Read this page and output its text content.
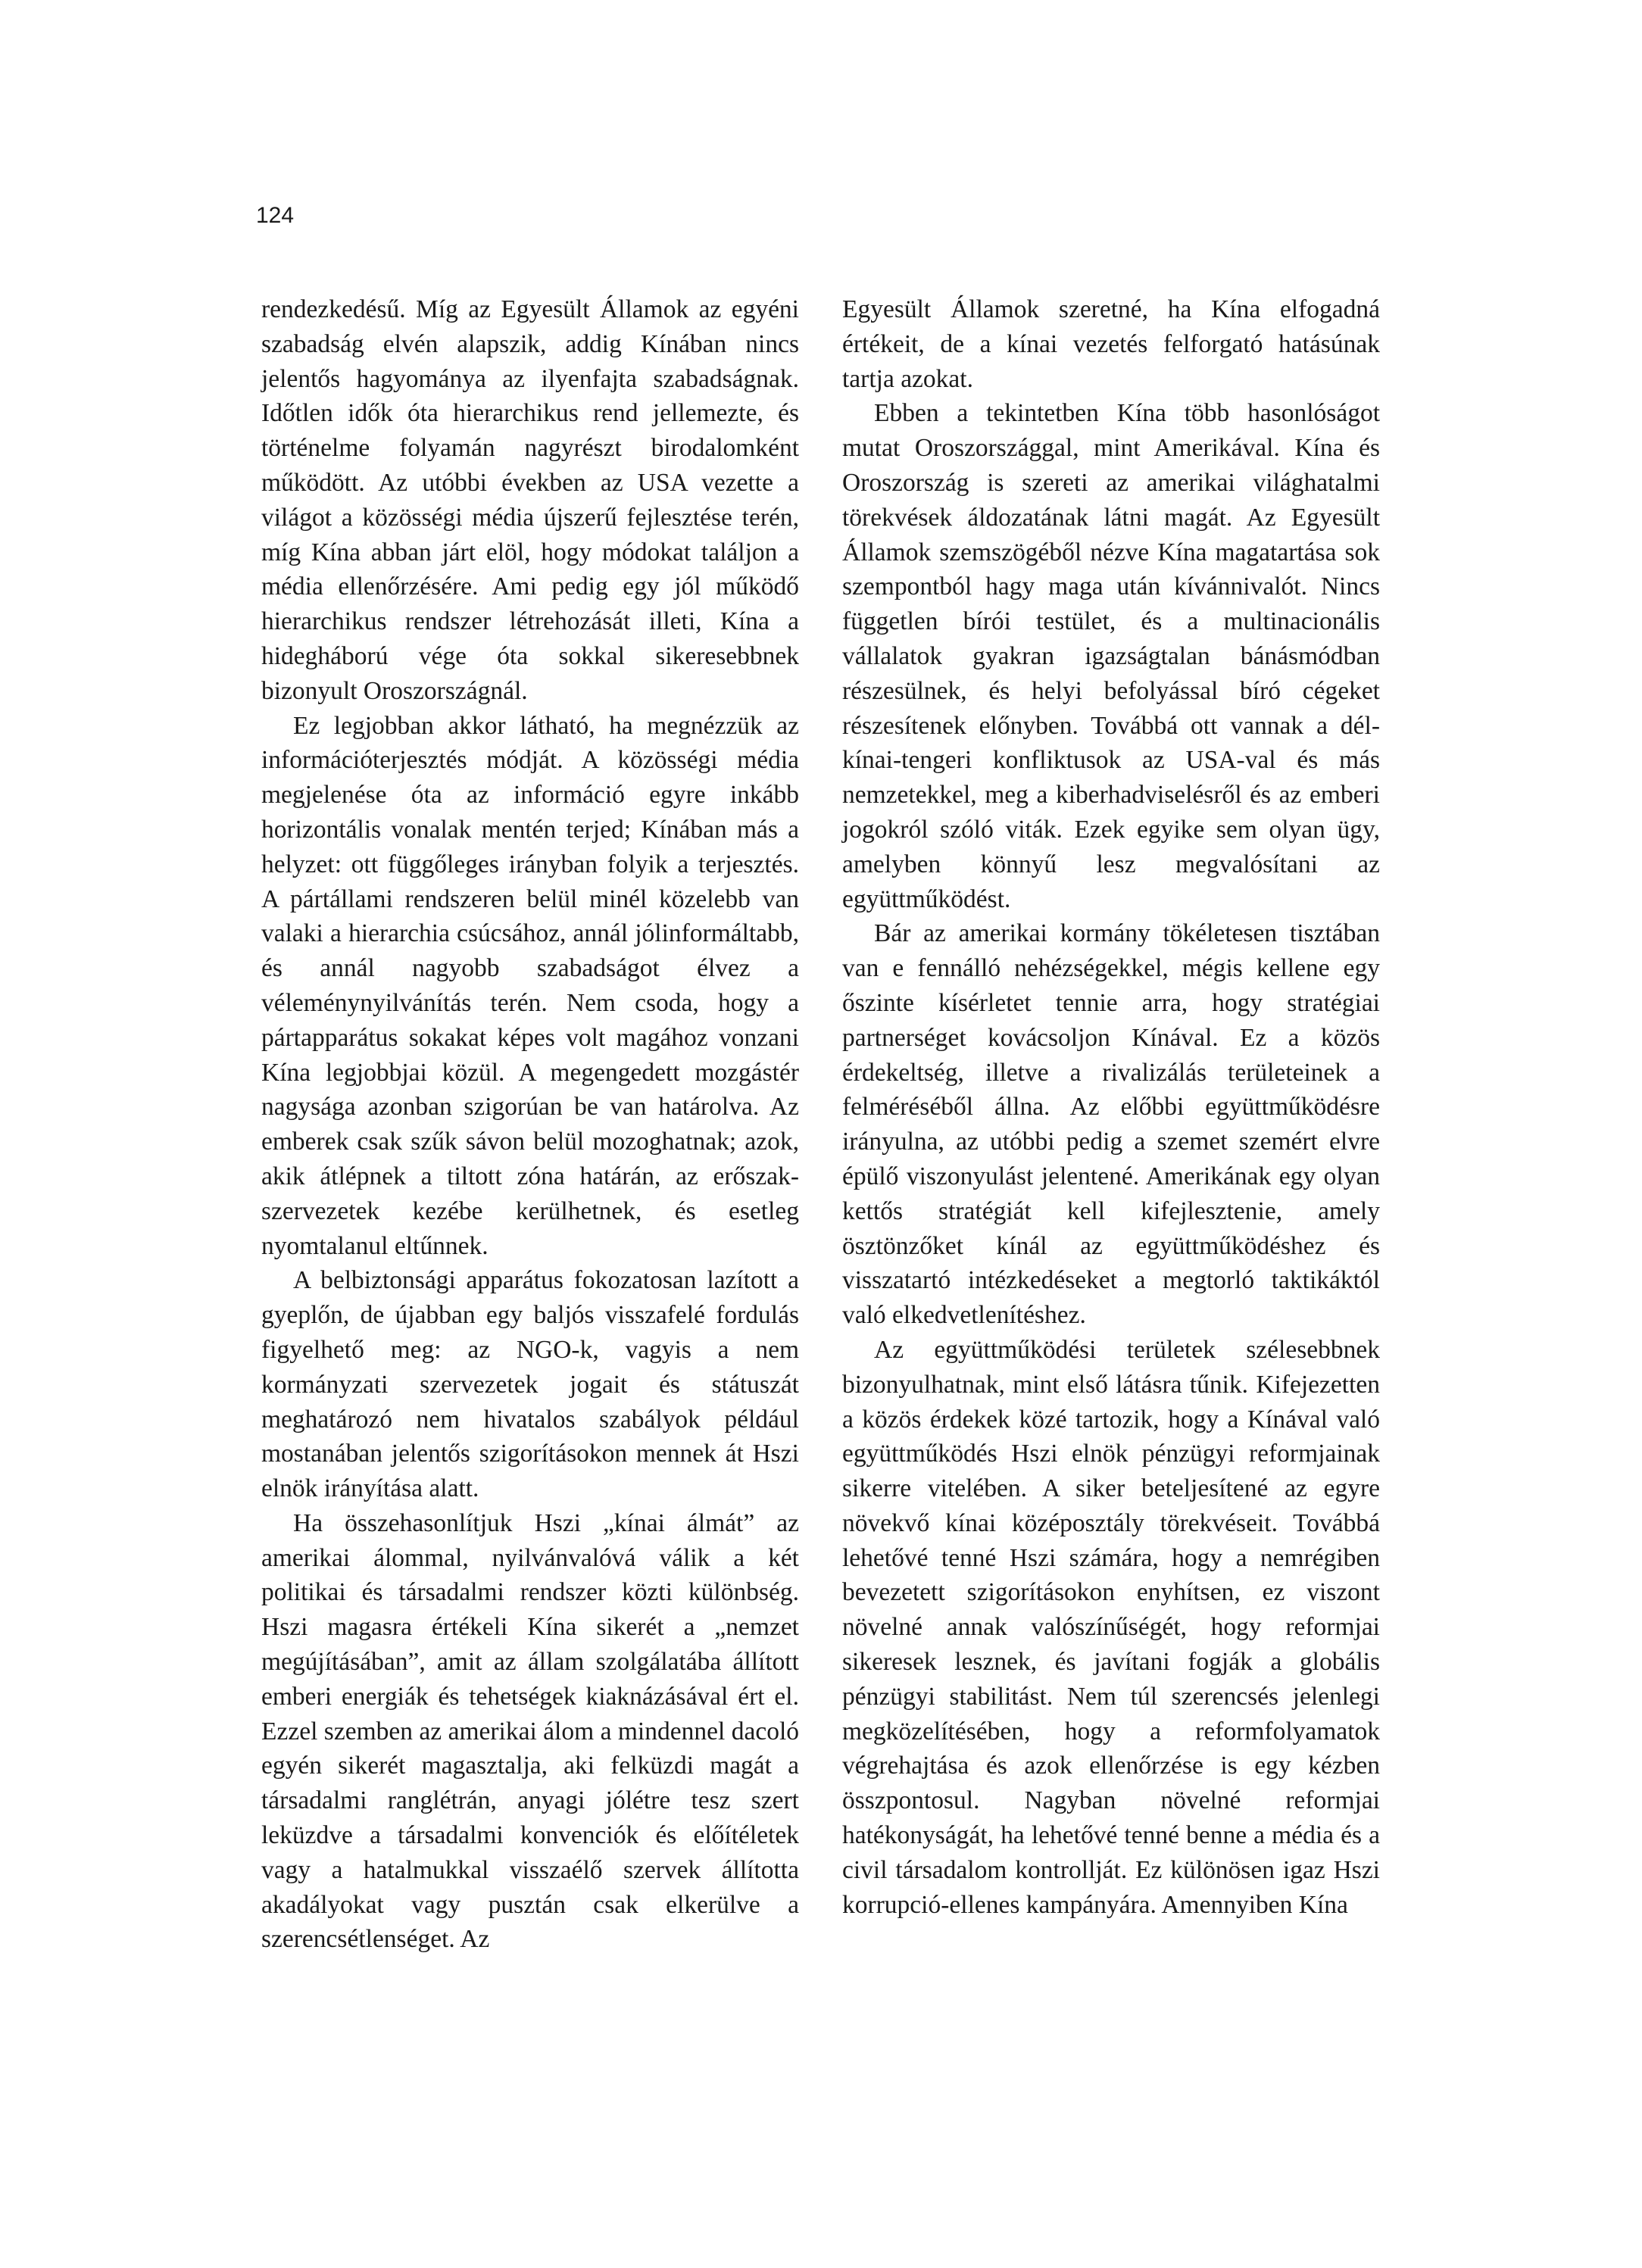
124

rendezkedésű. Míg az Egyesült Államok az egyéni szabadság elvén alapszik, addig Kínában nincs jelentős hagyománya az ilyenfajta szabadságnak. Időtlen idők óta hierarchikus rend jellemezte, és történelme folyamán nagyrészt birodalomként működött. Az utóbbi években az USA vezette a világot a közösségi média újszerű fejlesztése terén, míg Kína abban járt elöl, hogy módokat találjon a média ellenőrzésére. Ami pedig egy jól működő hierarchikus rendszer létrehozását illeti, Kína a hidegháború vége óta sokkal sikeresebbnek bizonyult Oroszországnál.

Ez legjobban akkor látható, ha megnézzük az információterjesztés módját. A közösségi média megjelenése óta az információ egyre inkább horizontális vonalak mentén terjed; Kínában más a helyzet: ott függőleges irányban folyik a terjesztés. A pártállami rendszeren belül minél közelebb van valaki a hierarchia csúcsához, annál jólinformáltabb, és annál nagyobb szabadságot élvez a véleménynyilvánítás terén. Nem csoda, hogy a pártapparátus sokakat képes volt magához vonzani Kína legjobbjai közül. A megengedett mozgástér nagysága azonban szigorúan be van határolva. Az emberek csak szűk sávon belül mozoghatnak; azok, akik átlépnek a tiltott zóna határán, az erőszak-szervezetek kezébe kerülhetnek, és esetleg nyomtalanul eltűnnek.

A belbiztonsági apparátus fokozatosan lazított a gyeplőn, de újabban egy baljós visszafelé fordulás figyelhető meg: az NGO-k, vagyis a nem kormányzati szervezetek jogait és státuszát meghatározó nem hivatalos szabályok például mostanában jelentős szigorításokon mennek át Hszi elnök irányítása alatt.

Ha összehasonlítjuk Hszi „kínai álmát” az amerikai álommal, nyilvánvalóvá válik a két politikai és társadalmi rendszer közti különbség. Hszi magasra értékeli Kína sikerét a „nemzet megújításában”, amit az állam szolgálatába állított emberi energiák és tehetségek kiaknázásával ért el. Ezzel szemben az amerikai álom a mindennel dacoló egyén sikerét magasztalja, aki felküzdi magát a társadalmi ranglétrán, anyagi jólétre tesz szert leküzdve a társadalmi konvenciók és előítéletek vagy a hatalmukkal visszaélő szervek állította akadályokat vagy pusztán csak elkerülve a szerencsétlenséget. Az

Egyesült Államok szeretné, ha Kína elfogadná értékeit, de a kínai vezetés felforgató hatásúnak tartja azokat.

Ebben a tekintetben Kína több hasonlóságot mutat Oroszországgal, mint Amerikával. Kína és Oroszország is szereti az amerikai világhatalmi törekvések áldozatának látni magát. Az Egyesült Államok szemszögéből nézve Kína magatartása sok szempontból hagy maga után kívánnivalót. Nincs független bírói testület, és a multinacionális vállalatok gyakran igazságtalan bánásmódban részesülnek, és helyi befolyással bíró cégeket részesítenek előnyben. Továbbá ott vannak a dél-kínai-tengeri konfliktusok az USA-val és más nemzetekkel, meg a kiberhadviselésről és az emberi jogokról szóló viták. Ezek egyike sem olyan ügy, amelyben könnyű lesz megvalósítani az együttműködést.

Bár az amerikai kormány tökéletesen tisztában van e fennálló nehézségekkel, mégis kellene egy őszinte kísérletet tennie arra, hogy stratégiai partnerséget kovácsoljon Kínával. Ez a közös érdekeltség, illetve a rivalizálás területeinek a felméréséből állna. Az előbbi együttműködésre irányulna, az utóbbi pedig a szemet szemért elvre épülő viszonyulást jelentené. Amerikának egy olyan kettős stratégiát kell kifejlesztenie, amely ösztönzőket kínál az együttműködéshez és visszatartó intézkedéseket a megtorló taktikáktól való elkedvetlenítéshez.

Az együttműködési területek szélesebbnek bizonyulhatnak, mint első látásra tűnik. Kifejezetten a közös érdekek közé tartozik, hogy a Kínával való együttműködés Hszi elnök pénzügyi reformjainak sikerre vitelében. A siker beteljesítené az egyre növekvő kínai középosztály törekvéseit. Továbbá lehetővé tenné Hszi számára, hogy a nemrégiben bevezetett szigorításokon enyhítsen, ez viszont növelné annak valószínűségét, hogy reformjai sikeresek lesznek, és javítani fogják a globális pénzügyi stabilitást. Nem túl szerencsés jelenlegi megközelítésében, hogy a reformfolyamatok végrehajtása és azok ellenőrzése is egy kézben összpontosul. Nagyban növelné reformjai hatékonyságát, ha lehetővé tenné benne a média és a civil társadalom kontrollját. Ez különösen igaz Hszi korrupció-ellenes kampányára. Amennyiben Kína
